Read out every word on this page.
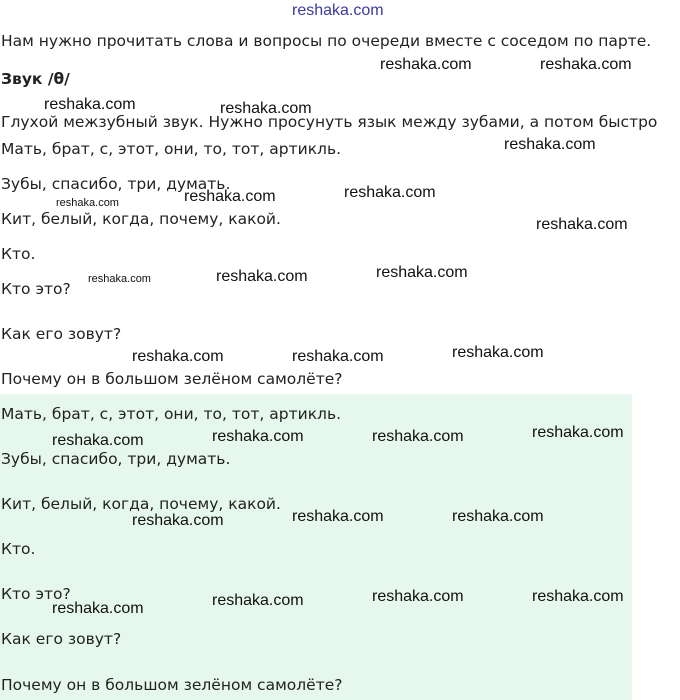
reshaka.com
Нам нужно прочитать слова и вопросы по очереди вместе с соседом по парте.
Звук /θ/
Глухой межзубный звук. Нужно просунуть язык между зубами, а потом быстро
Мать, брат, с, этот, они, то, тот, артикль.
Зубы, спасибо, три, думать.
Кит, белый, когда, почему, какой.
Кто.
Кто это?
Как его зовут?
Почему он в большом зелёном самолёте?
Мать, брат, с, этот, они, то, тот, артикль.
Зубы, спасибо, три, думать.
Кит, белый, когда, почему, какой.
Кто.
Кто это?
Как его зовут?
Почему он в большом зелёном самолёте?
reshaka.com	reshaka.com
reshaka.com	reshaka.com
reshaka.com
reshaka.com
reshaka.com
reshaka.com
reshaka.com
reshaka.com	reshaka.com	reshaka.com
reshaka.com	reshaka.com	reshaka.com
reshaka.com	reshaka.com	reshaka.com	reshaka.com
reshaka.com	reshaka.com	reshaka.com
reshaka.com	reshaka.com	reshaka.com	reshaka.com
